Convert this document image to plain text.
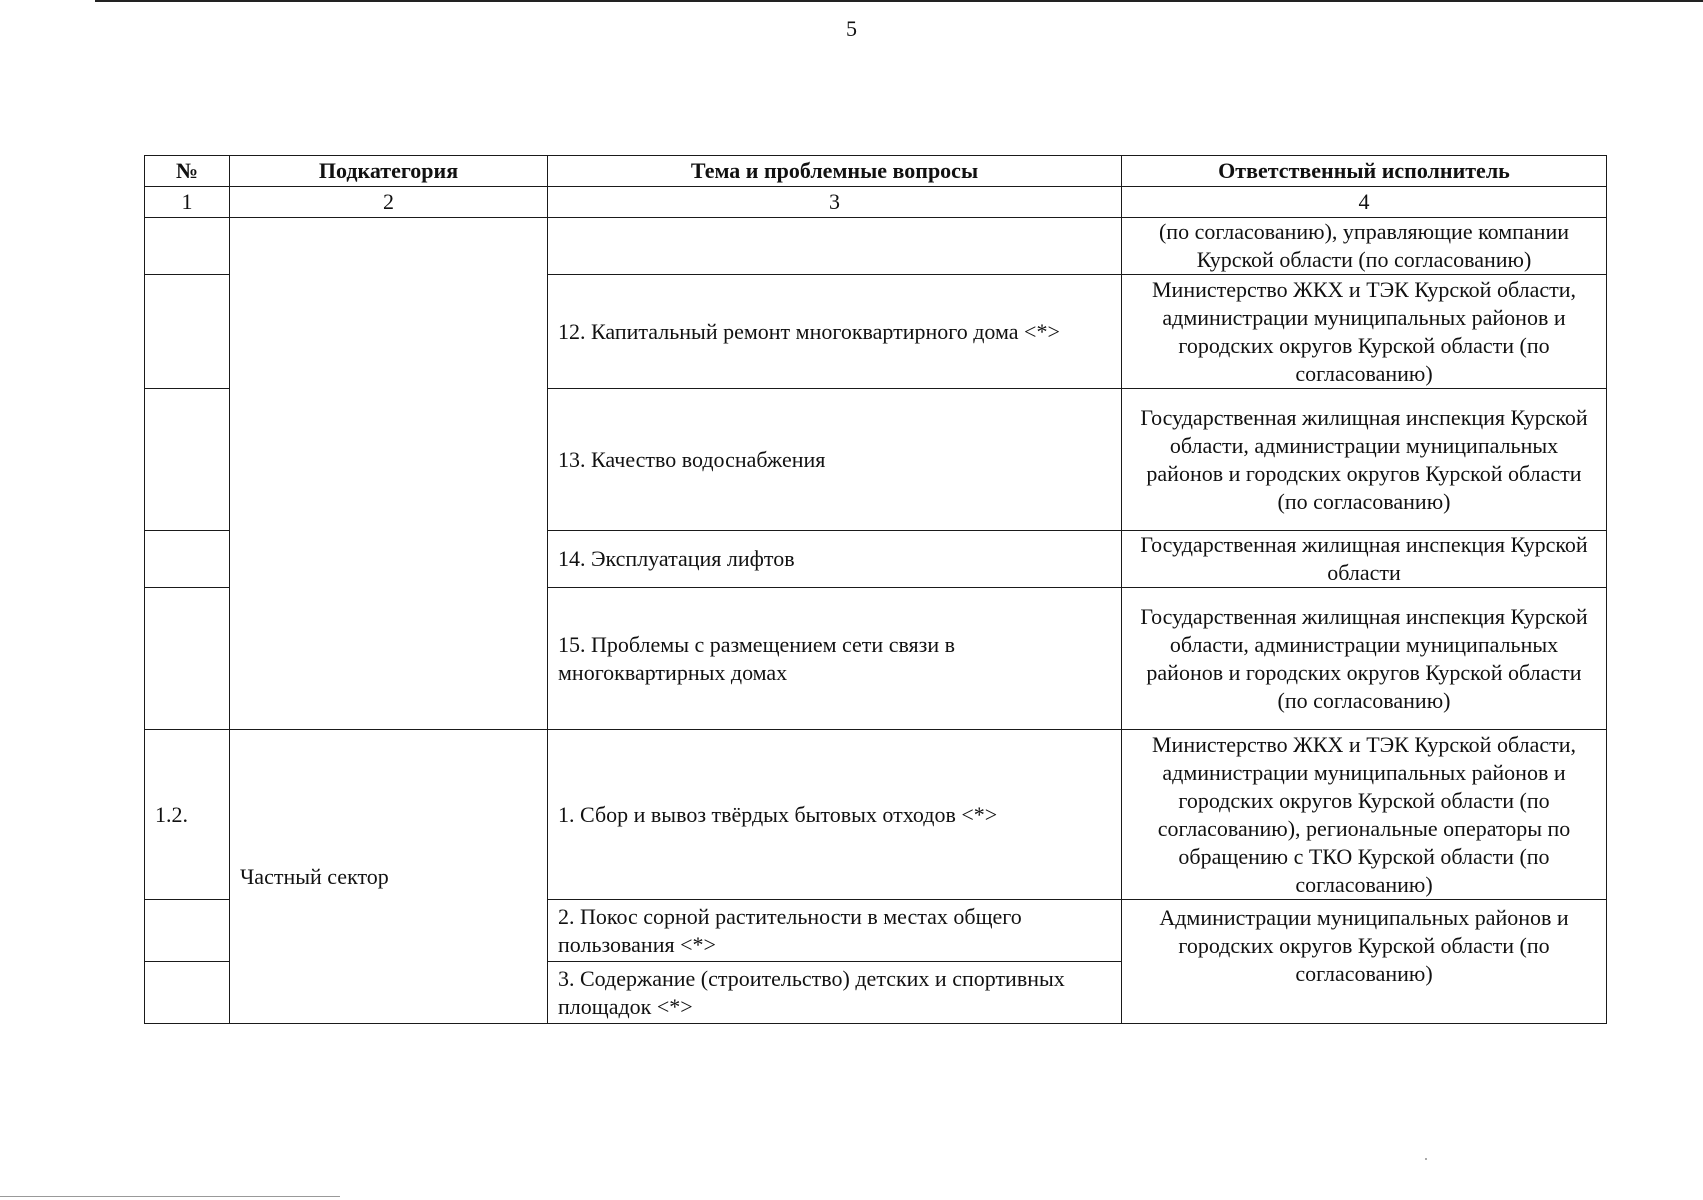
5
№	Подкатегория	Тема и проблемные вопросы	Ответственный исполнитель
1	2	3	4
			(по согласованию), управляющие компании Курской области (по согласованию)
		12. Капитальный ремонт многоквартирного дома <*>	Министерство ЖКХ и ТЭК Курской области, администрации муниципальных районов и городских округов Курской области (по согласованию)
		13. Качество водоснабжения	Государственная жилищная инспекция Курской области, администрации муниципальных районов и городских округов Курской области (по согласованию)
		14. Эксплуатация лифтов	Государственная жилищная инспекция Курской области
		15. Проблемы с размещением сети связи в многоквартирных домах	Государственная жилищная инспекция Курской области, администрации муниципальных районов и городских округов Курской области (по согласованию)
1.2.	Частный сектор	1. Сбор и вывоз твёрдых бытовых отходов <*>	Министерство ЖКХ и ТЭК Курской области, администрации муниципальных районов и городских округов Курской области (по согласованию), региональные операторы по обращению с ТКО Курской области (по согласованию)
		2. Покос сорной растительности в местах общего пользования <*>	Администрации муниципальных районов и городских округов Курской области (по согласованию)
		3. Содержание (строительство) детских и спортивных площадок <*>	
